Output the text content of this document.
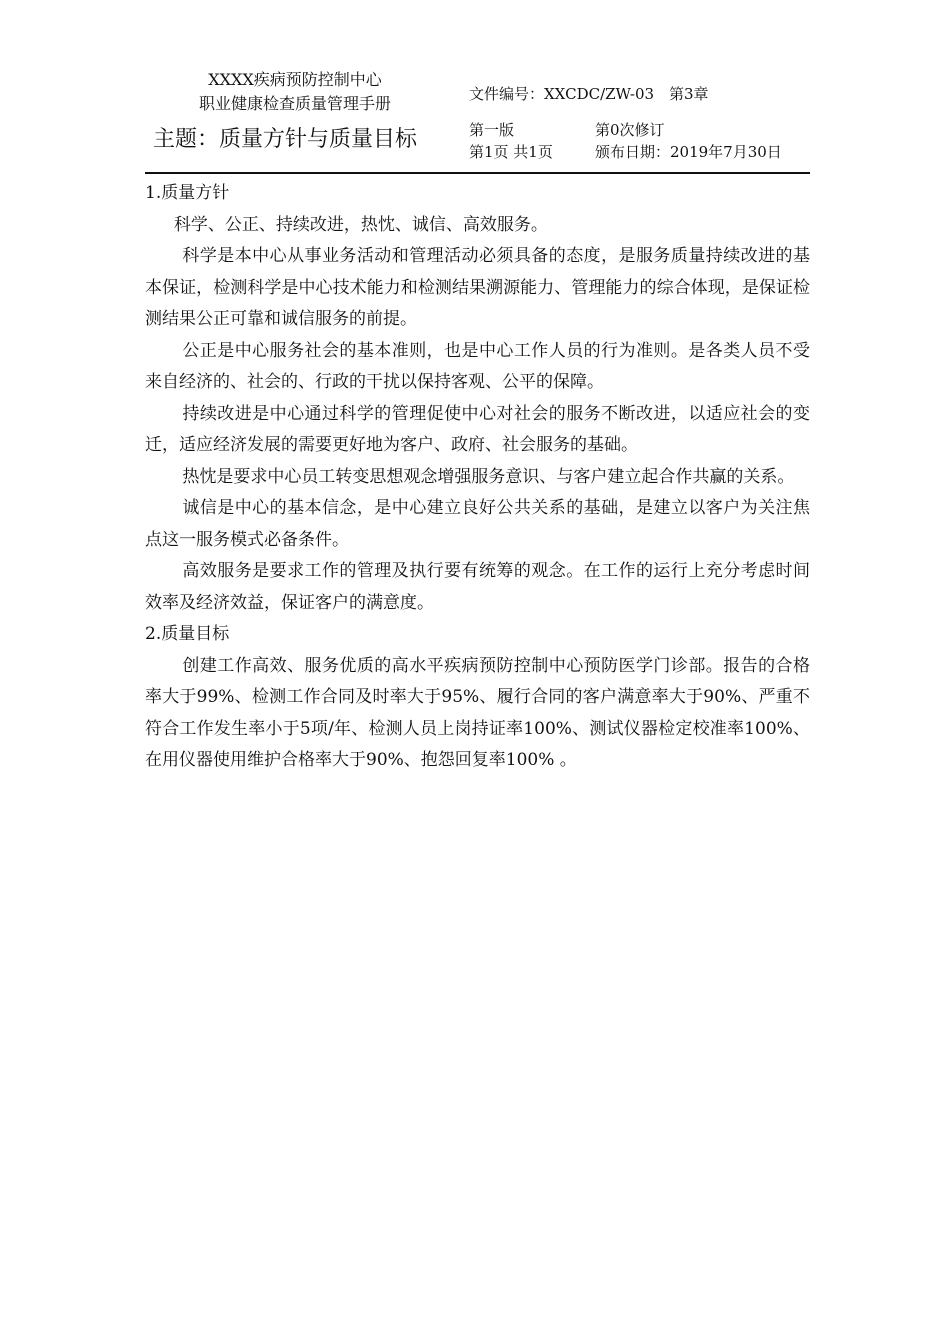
XXXX疾病预防控制中心
职业健康检查质量管理手册
主题：质量方针与质量目标
文件编号：XXCDC/ZW-03 第3章
第一版	第0次修订
第1页 共1页	颁布日期：2019年7月30日

1.质量方针

科学、公正、持续改进，热忱、诚信、高效服务。

科学是本中心从事业务活动和管理活动必须具备的态度，是服务质量持续改进的基本保证，检测科学是中心技术能力和检测结果溯源能力、管理能力的综合体现，是保证检测结果公正可靠和诚信服务的前提。

公正是中心服务社会的基本准则，也是中心工作人员的行为准则。是各类人员不受来自经济的、社会的、行政的干扰以保持客观、公平的保障。

持续改进是中心通过科学的管理促使中心对社会的服务不断改进，以适应社会的变迁，适应经济发展的需要更好地为客户、政府、社会服务的基础。

热忱是要求中心员工转变思想观念增强服务意识、与客户建立起合作共赢的关系。

诚信是中心的基本信念，是中心建立良好公共关系的基础，是建立以客户为关注焦点这一服务模式必备条件。

高效服务是要求工作的管理及执行要有统筹的观念。在工作的运行上充分考虑时间效率及经济效益，保证客户的满意度。

2.质量目标

创建工作高效、服务优质的高水平疾病预防控制中心预防医学门诊部。报告的合格率大于99%、检测工作合同及时率大于95%、履行合同的客户满意率大于90%、严重不符合工作发生率小于5项/年、检测人员上岗持证率100%、测试仪器检定校准率100%、在用仪器使用维护合格率大于90%、抱怨回复率100% 。
